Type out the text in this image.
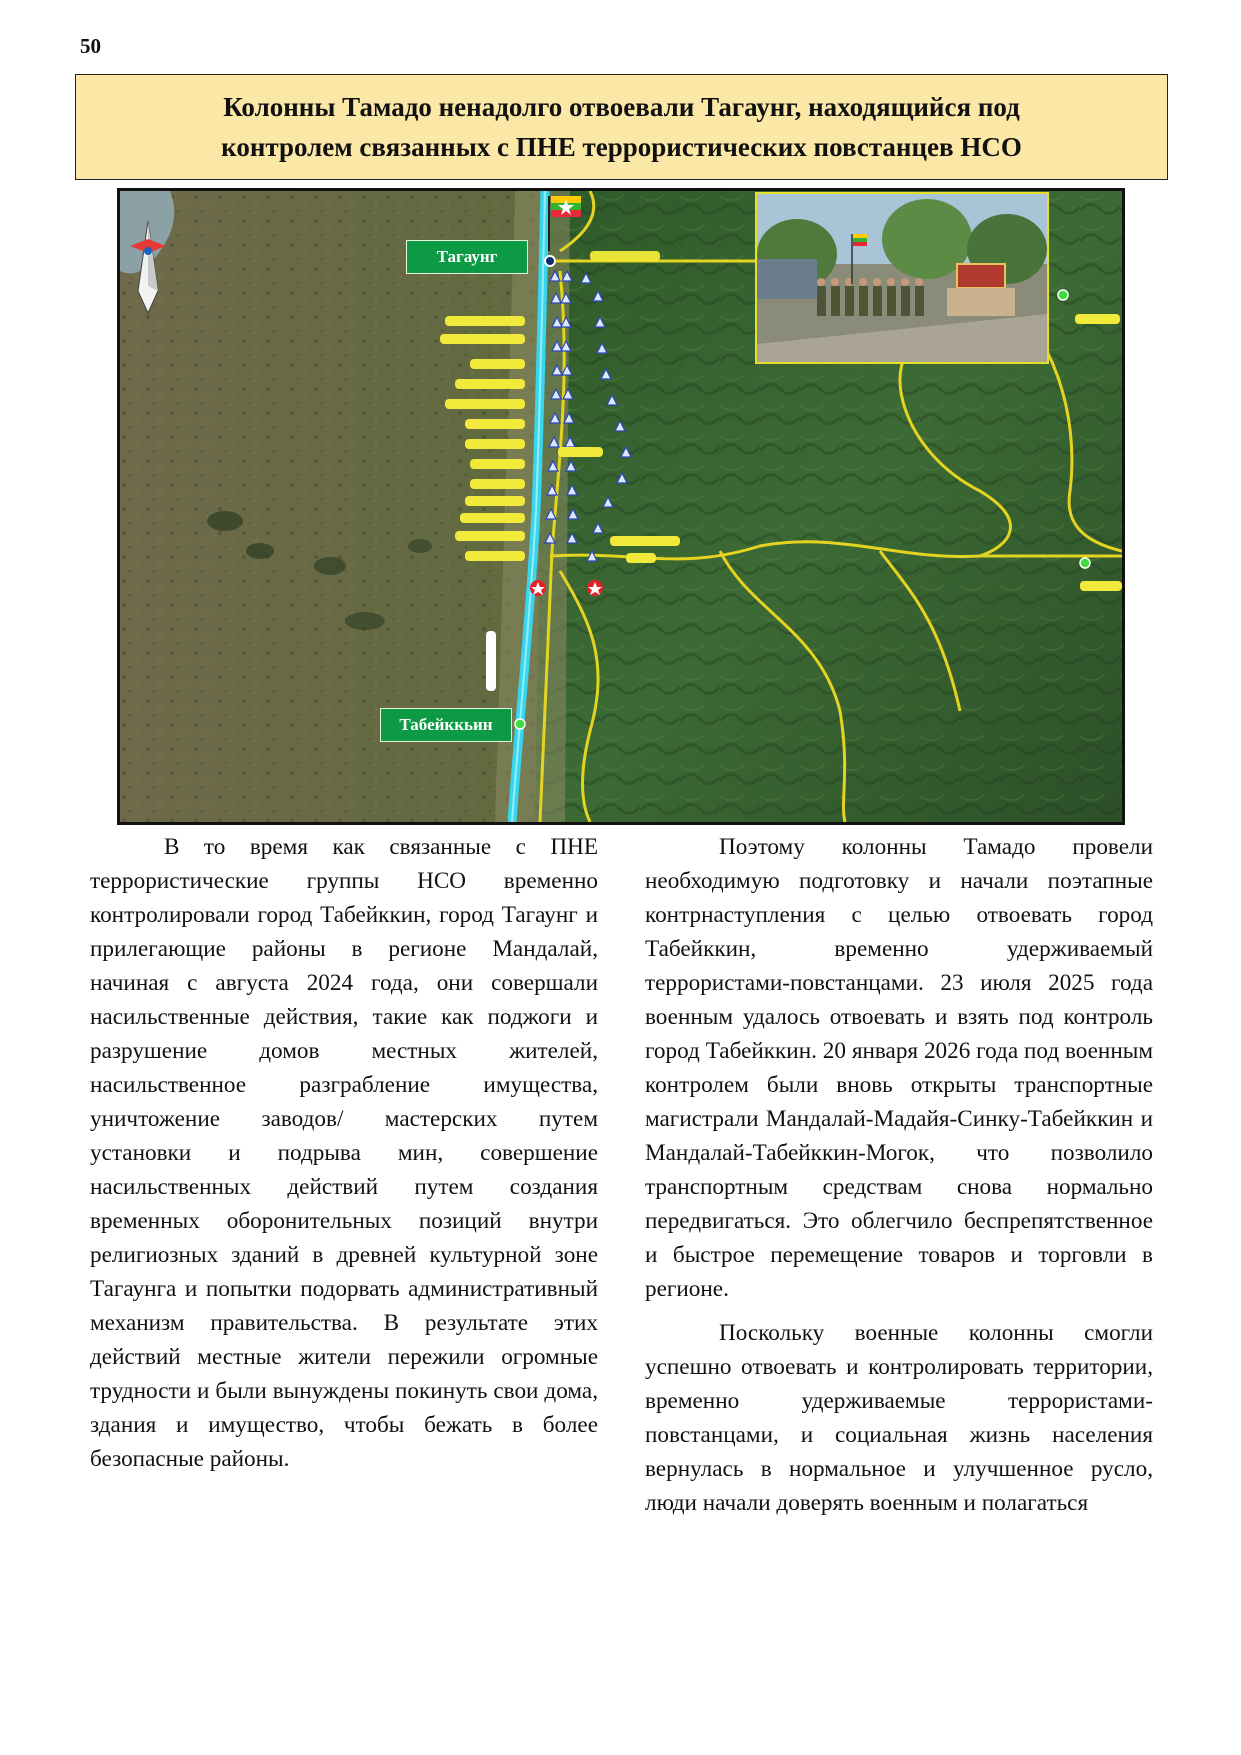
50
Колонны Тамадо ненадолго отвоевали Тагаунг, находящийся под
контролем связанных с ПНЕ террористических повстанцев НСО
Тагаунг
Табейккьин

В то время как связанные с ПНЕ террористические группы НСО временно контролировали город Табейккин, город Тагаунг и прилегающие районы в регионе Мандалай, начиная с августа 2024 года, они совершали насильственные действия, такие как поджоги и разрушение домов местных жителей, насильственное разграбление имущества, уничтожение заводов/ мастерских путем установки и подрыва мин, совершение насильственных действий путем создания временных оборонительных позиций внутри религиозных зданий в древней культурной зоне Тагаунга и попытки подорвать административный механизм правительства. В результате этих действий местные жители пережили огромные трудности и были вынуждены покинуть свои дома, здания и имущество, чтобы бежать в более безопасные районы.

Поэтому колонны Тамадо провели необходимую подготовку и начали поэтапные контрнаступления с целью отвоевать город Табейккин, временно удерживаемый террористами-повстанцами. 23 июля 2025 года военным удалось отвоевать и взять под контроль город Табейккин. 20 января 2026 года под военным контролем были вновь открыты транспортные магистрали Мандалай-Мадайя-Синку-Табейккин и Мандалай-Табейккин-Могок, что позволило транспортным средствам снова нормально передвигаться. Это облегчило беспрепятственное и быстрое перемещение товаров и торговли в регионе.

Поскольку военные колонны смогли успешно отвоевать и контролировать территории, временно удерживаемые террористами-повстанцами, и социальная жизнь населения вернулась в нормальное и улучшенное русло, люди начали доверять военным и полагаться
